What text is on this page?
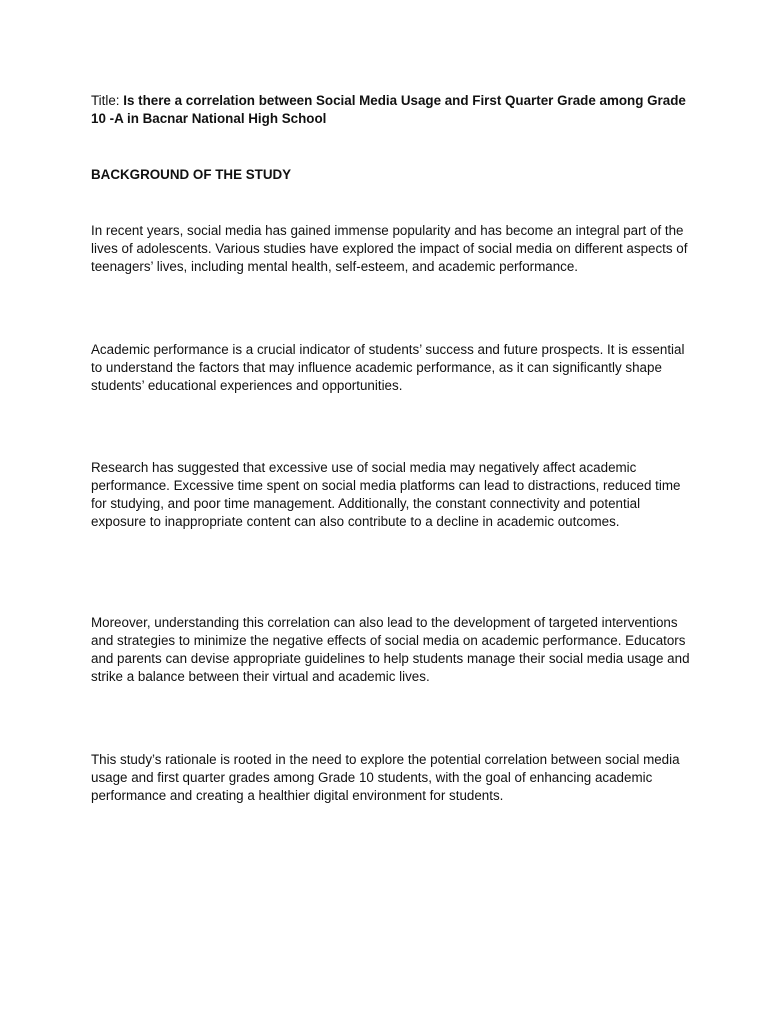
Title: Is there a correlation between Social Media Usage and First Quarter Grade among Grade 10 -A in Bacnar National High School
BACKGROUND OF THE STUDY

In recent years, social media has gained immense popularity and has become an integral part of the lives of adolescents. Various studies have explored the impact of social media on different aspects of teenagers’ lives, including mental health, self-esteem, and academic performance.

Academic performance is a crucial indicator of students’ success and future prospects. It is essential to understand the factors that may influence academic performance, as it can significantly shape students’ educational experiences and opportunities.

Research has suggested that excessive use of social media may negatively affect academic performance. Excessive time spent on social media platforms can lead to distractions, reduced time for studying, and poor time management. Additionally, the constant connectivity and potential exposure to inappropriate content can also contribute to a decline in academic outcomes.

Moreover, understanding this correlation can also lead to the development of targeted interventions and strategies to minimize the negative effects of social media on academic performance. Educators and parents can devise appropriate guidelines to help students manage their social media usage and strike a balance between their virtual and academic lives.

This study’s rationale is rooted in the need to explore the potential correlation between social media usage and first quarter grades among Grade 10 students, with the goal of enhancing academic performance and creating a healthier digital environment for students.
